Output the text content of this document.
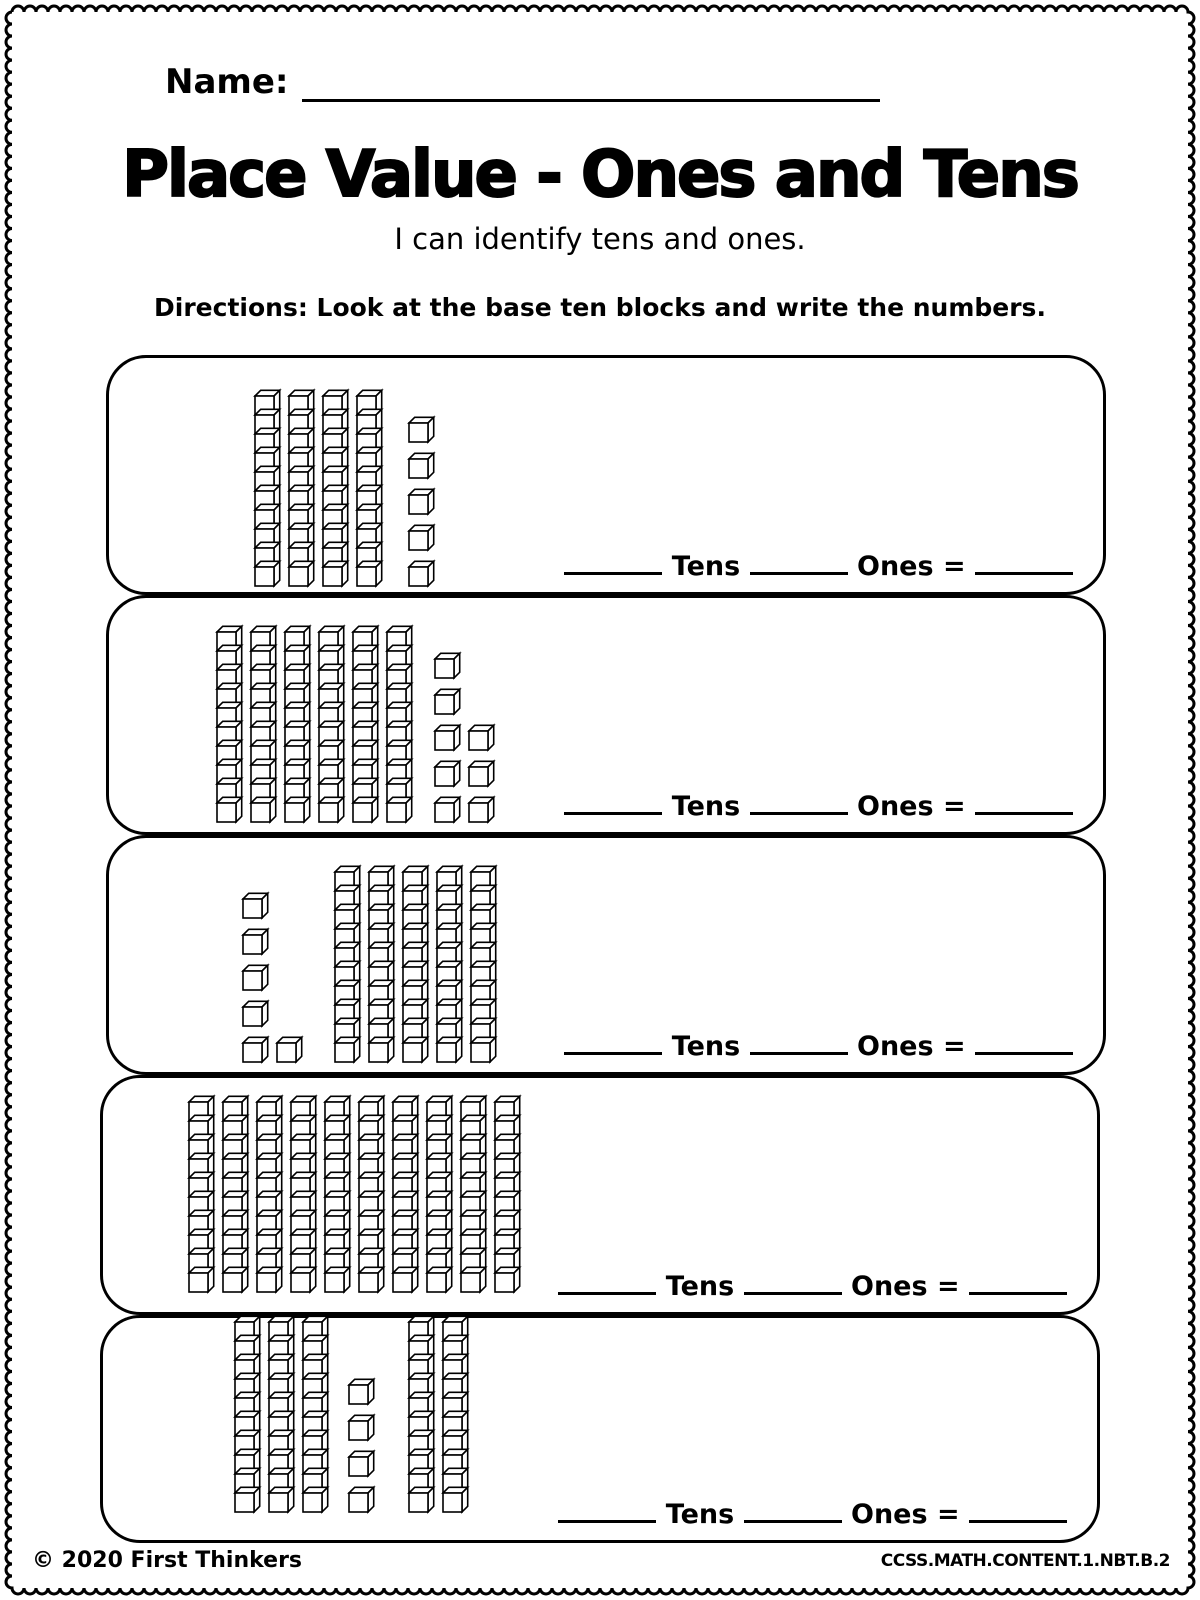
Name:
Place Value - Ones and Tens
I can identify tens and ones.
Directions: Look at the base ten blocks and write the numbers.
Tens	Ones =
Tens	Ones =
Tens	Ones =
Tens	Ones =
Tens	Ones =
© 2020 First Thinkers	CCSS.MATH.CONTENT.1.NBT.B.2
